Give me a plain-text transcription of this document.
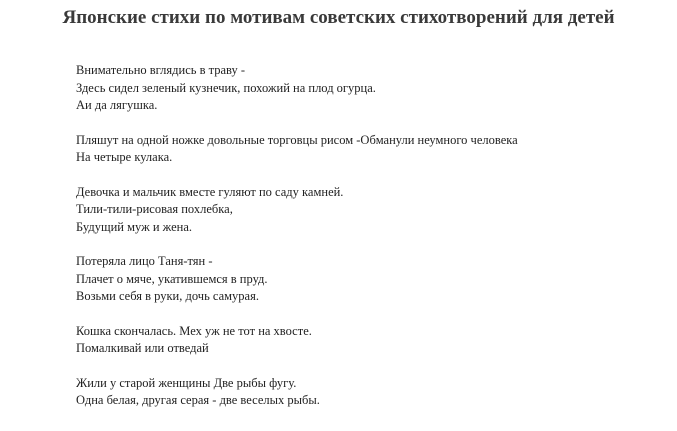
Японские стихи по мотивам советских стихотворений для детей
Внимательно вглядись в траву -
Здесь сидел зеленый кузнечик, похожий на плод огурца.
Аи да лягушка.
Пляшут на одной ножке довольные торговцы рисом -Обманули неумного человека
На четыре кулака.
Девочка и мальчик вместе гуляют по саду камней.
Тили-тили-рисовая похлебка,
Будущий муж и жена.
Потеряла лицо Таня-тян -
Плачет о мяче, укатившемся в пруд.
Возьми себя в руки, дочь самурая.
Кошка скончалась. Мех уж не тот на хвосте.
Помалкивай или отведай
Жили у старой женщины Две рыбы фугу.
Одна белая, другая серая - две веселых рыбы.
